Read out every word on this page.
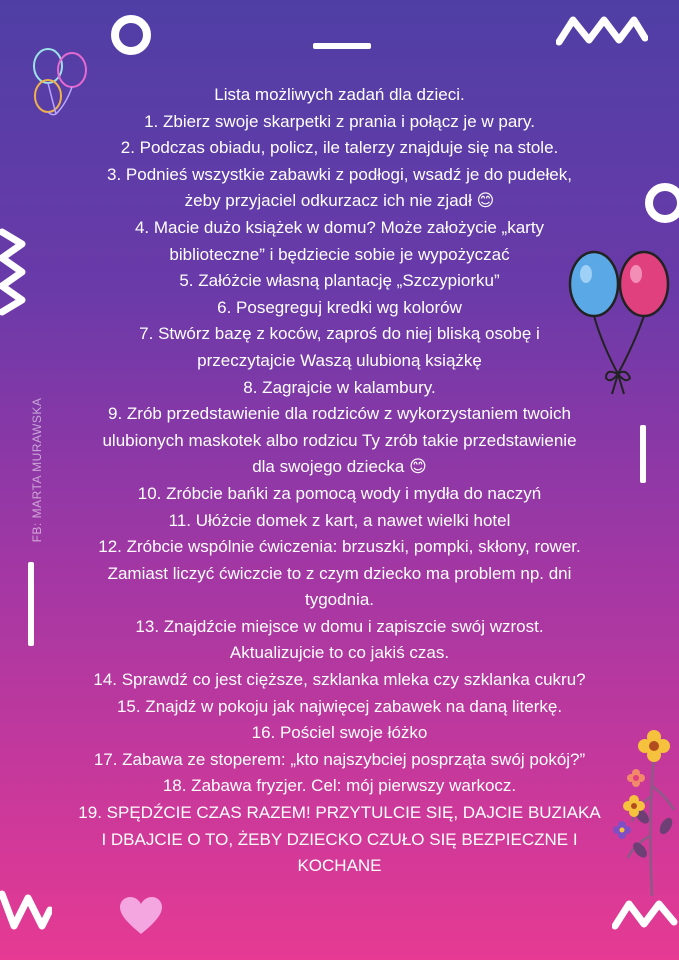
FB: MARTA MURAWSKA
Lista możliwych zadań dla dzieci.
1. Zbierz swoje skarpetki z prania i połącz je w pary.
2. Podczas obiadu, policz, ile talerzy znajduje się na stole.
3. Podnieś wszystkie zabawki z podłogi, wsadź je do pudełek,
żeby przyjaciel odkurzacz ich nie zjadł 😊
4. Macie dużo książek w domu? Może założycie „karty
biblioteczne” i będziecie sobie je wypożyczać
5. Załóżcie własną plantację „Szczypiorku”
6. Posegreguj kredki wg kolorów
7. Stwórz bazę z koców, zaproś do niej bliską osobę i
przeczytajcie Waszą ulubioną książkę
8. Zagrajcie w kalambury.
9. Zrób przedstawienie dla rodziców z wykorzystaniem twoich
ulubionych maskotek albo rodzicu Ty zrób takie przedstawienie
dla swojego dziecka 😊
10. Zróbcie bańki za pomocą wody i mydła do naczyń
11. Ułóżcie domek z kart, a nawet wielki hotel
12. Zróbcie wspólnie ćwiczenia: brzuszki, pompki, skłony, rower.
Zamiast liczyć ćwiczcie to z czym dziecko ma problem np. dni
tygodnia.
13. Znajdźcie miejsce w domu i zapiszcie swój wzrost.
Aktualizujcie to co jakiś czas.
14. Sprawdź co jest cięższe, szklanka mleka czy szklanka cukru?
15. Znajdź w pokoju jak najwięcej zabawek na daną literkę.
16. Pościel swoje łóżko
17. Zabawa ze stoperem: „kto najszybciej posprząta swój pokój?”
18. Zabawa fryzjer. Cel: mój pierwszy warkocz.
19. SPĘDŹCIE CZAS RAZEM! PRZYTULCIE SIĘ, DAJCIE BUZIAKA
I DBAJCIE O TO, ŻEBY DZIECKO CZUŁO SIĘ BEZPIECZNE I
KOCHANE
